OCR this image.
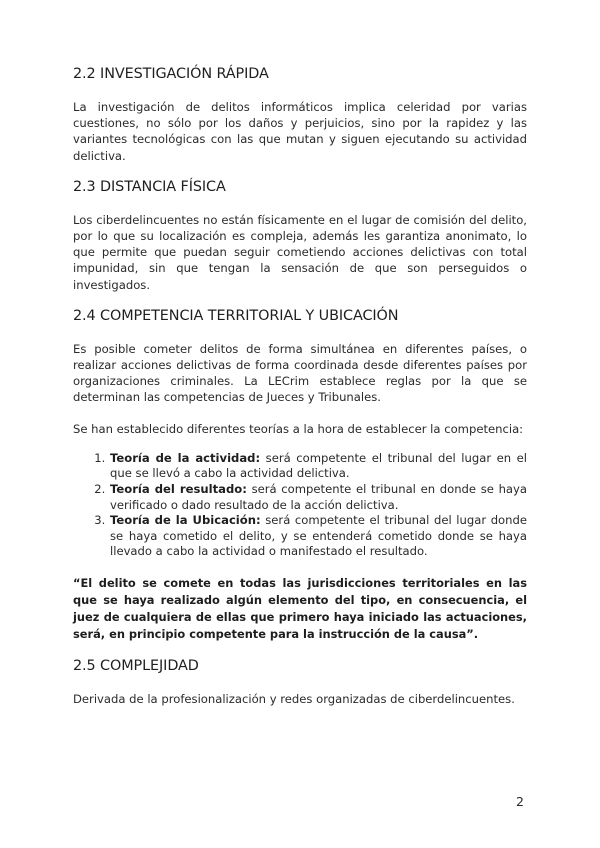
2.2 INVESTIGACIÓN RÁPIDA

La investigación de delitos informáticos implica celeridad por varias cuestiones, no sólo por los daños y perjuicios, sino por la rapidez y las variantes tecnológicas con las que mutan y siguen ejecutando su actividad delictiva.

2.3 DISTANCIA FÍSICA

Los ciberdelincuentes no están físicamente en el lugar de comisión del delito, por lo que su localización es compleja, además les garantiza anonimato, lo que permite que puedan seguir cometiendo acciones delictivas con total impunidad, sin que tengan la sensación de que son perseguidos o investigados.

2.4 COMPETENCIA TERRITORIAL Y UBICACIÓN

Es posible cometer delitos de forma simultánea en diferentes países, o realizar acciones delictivas de forma coordinada desde diferentes países por organizaciones criminales. La LECrim establece reglas por la que se determinan las competencias de Jueces y Tribunales.

Se han establecido diferentes teorías a la hora de establecer la competencia:

1. Teoría de la actividad: será competente el tribunal del lugar en el que se llevó a cabo la actividad delictiva.
2. Teoría del resultado: será competente el tribunal en donde se haya verificado o dado resultado de la acción delictiva.
3. Teoría de la Ubicación: será competente el tribunal del lugar donde se haya cometido el delito, y se entenderá cometido donde se haya llevado a cabo la actividad o manifestado el resultado.

“El delito se comete en todas las jurisdicciones territoriales en las que se haya realizado algún elemento del tipo, en consecuencia, el juez de cualquiera de ellas que primero haya iniciado las actuaciones, será, en principio competente para la instrucción de la causa”.

2.5 COMPLEJIDAD

Derivada de la profesionalización y redes organizadas de ciberdelincuentes.

2
